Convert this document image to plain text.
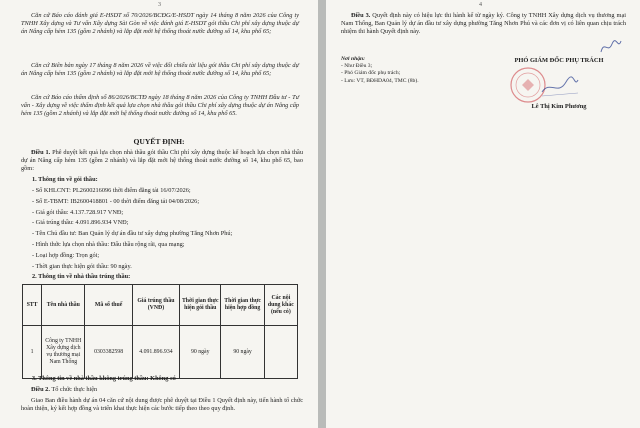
3

Căn cứ Báo cáo đánh giá E-HSDT số 70/2026/BCĐG/E-HSDT ngày 14 tháng 8 năm 2026 của Công ty TNHH Xây dựng và Tư vấn Xây dựng Sài Gòn về việc đánh giá E-HSDT gói thầu Chi phí xây dựng thuộc dự án Nâng cấp hẻm 135 (gồm 2 nhánh) và lắp đặt mới hệ thống thoát nước đường số 14, khu phố 65;

Căn cứ Biên bản ngày 17 tháng 8 năm 2026 về việc đối chiếu tài liệu gói thầu Chi phí xây dựng thuộc dự án Nâng cấp hẻm 135 (gồm 2 nhánh) và lắp đặt mới hệ thống thoát nước đường số 14, khu phố 65;

Căn cứ Báo cáo thẩm định số 86/2026/BCTĐ ngày 18 tháng 8 năm 2026 của Công ty TNHH Đầu tư - Tư vấn - Xây dựng về việc thẩm định kết quả lựa chọn nhà thầu gói thầu Chi phí xây dựng thuộc dự án Nâng cấp hẻm 135 (gồm 2 nhánh) và lắp đặt mới hệ thống thoát nước đường số 14, khu phố 65.

QUYẾT ĐỊNH:

Điều 1. Phê duyệt kết quả lựa chọn nhà thầu gói thầu Chi phí xây dựng thuộc kế hoạch lựa chọn nhà thầu dự án Nâng cấp hẻm 135 (gồm 2 nhánh) và lắp đặt mới hệ thống thoát nước đường số 14, khu phố 65, bao gồm:

1. Thông tin về gói thầu:

- Số KHLCNT: PL2600216096 thời điểm đăng tải 16/07/2026;

- Số E-TBMT: IB2600418801 - 00 thời điểm đăng tải 04/08/2026;

- Giá gói thầu: 4.137.728.917 VNĐ;

- Giá trúng thầu: 4.091.896.934 VNĐ;

- Tên Chủ đầu tư: Ban Quản lý dự án đầu tư xây dựng phường Tăng Nhơn Phú;

- Hình thức lựa chọn nhà thầu: Đấu thầu rộng rãi, qua mạng;

- Loại hợp đồng: Trọn gói;

- Thời gian thực hiện gói thầu: 90 ngày.

2. Thông tin về nhà thầu trúng thầu:

STT	Tên nhà thầu	Mã số thuế	Giá trúng thầu (VNĐ)	Thời gian thực hiện gói thầu	Thời gian thực hiện hợp đồng	Các nội dung khác (nếu có)
1	Công ty TNHH Xây dựng dịch vụ thương mại Nam Thống	0303382598	4.091.896.934	90 ngày	90 ngày	

3. Thông tin về nhà thầu không trúng thầu: Không có

Điều 2. Tổ chức thực hiện

Giao Ban điều hành dự án 04 căn cứ nội dung được phê duyệt tại Điều 1 Quyết định này, tiến hành tổ chức hoàn thiện, ký kết hợp đồng và triển khai thực hiện các bước tiếp theo theo quy định.

4

Điều 3. Quyết định này có hiệu lực thi hành kể từ ngày ký. Công ty TNHH Xây dựng dịch vụ thương mại Nam Thống, Ban Quản lý dự án đầu tư xây dựng phường Tăng Nhơn Phú và các đơn vị có liên quan chịu trách nhiệm thi hành Quyết định này.

Nơi nhận:
- Như Điều 3;
- Phó Giám đốc phụ trách;
- Lưu: VT, BĐHDA04, TMC (8b).
PHÓ GIÁM ĐỐC PHỤ TRÁCH
Lê Thị Kim Phương
